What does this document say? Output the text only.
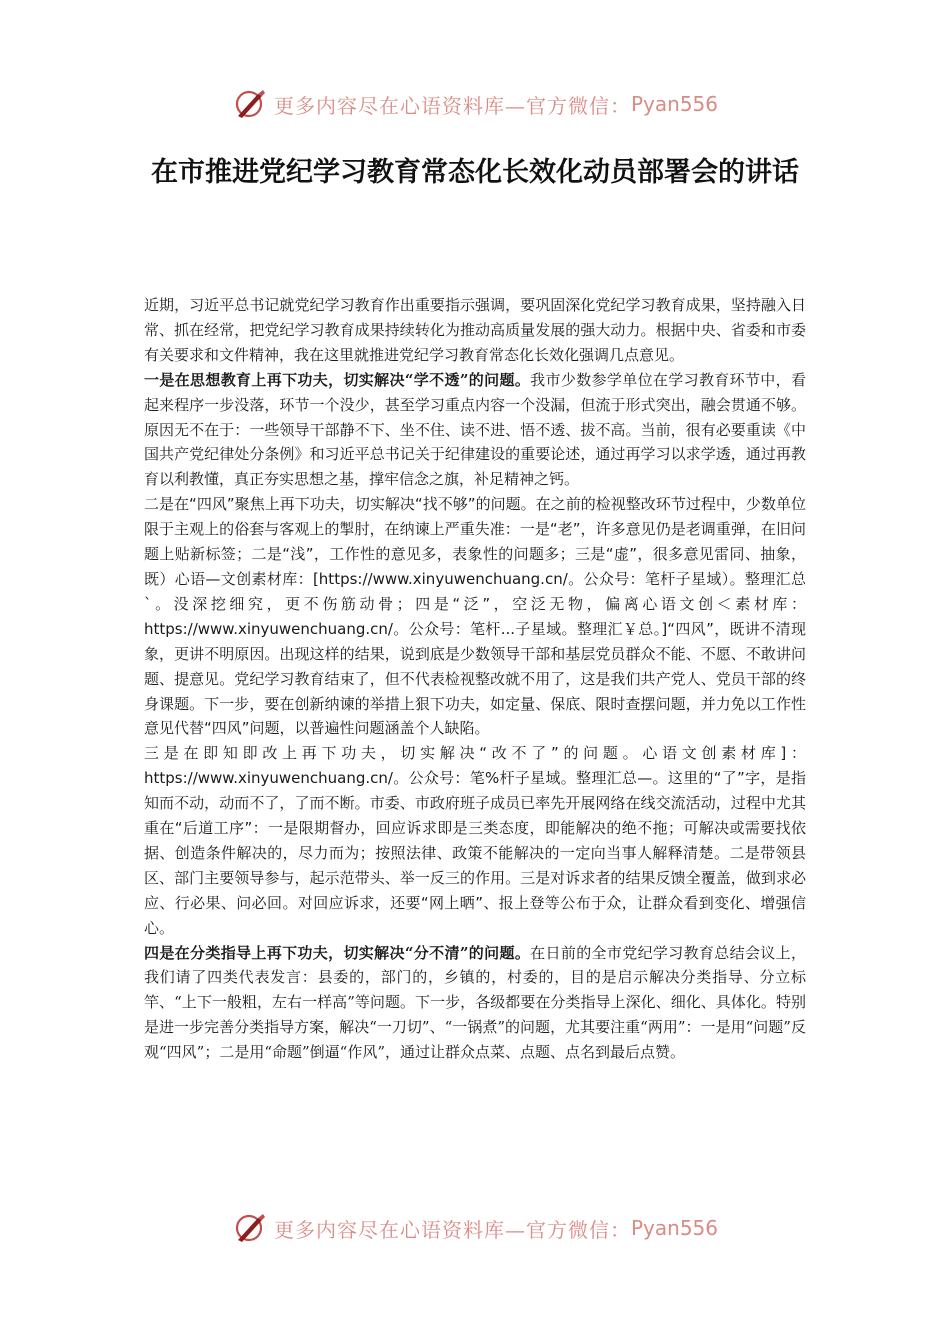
更多内容尽在心语资料库—官方微信： Pyan556
在市推进党纪学习教育常态化长效化动员部署会的讲话

近期，习近平总书记就党纪学习教育作出重要指示强调，要巩固深化党纪学习教育成果，坚持融入日常、抓在经常，把党纪学习教育成果持续转化为推动高质量发展的强大动力。根据中央、省委和市委有关要求和文件精神，我在这里就推进党纪学习教育常态化长效化强调几点意见。

一是在思想教育上再下功夫，切实解决“学不透”的问题。我市少数参学单位在学习教育环节中，看起来程序一步没落，环节一个没少，甚至学习重点内容一个没漏，但流于形式突出，融会贯通不够。原因无不在于：一些领导干部静不下、坐不住、读不进、悟不透、拔不高。当前，很有必要重读《中国共产党纪律处分条例》和习近平总书记关于纪律建设的重要论述，通过再学习以求学透，通过再教育以利教懂，真正夯实思想之基，撑牢信念之旗，补足精神之钙。

二是在“四风”聚焦上再下功夫，切实解决“找不够”的问题。在之前的检视整改环节过程中，少数单位限于主观上的俗套与客观上的掣肘，在纳谏上严重失准：一是“老”，许多意见仍是老调重弹，在旧问题上贴新标签；二是“浅”，工作性的意见多，表象性的问题多；三是“虚”，很多意见雷同、抽象，既）心语—文创素材库：[https://www.xinyuwenchuang.cn/。公众号：笔杆子星域）。整理汇总`。没深挖细究，更不伤筋动骨；四是“泛”，空泛无物，偏离心语文创＜素材库：https://www.xinyuwenchuang.cn/。公众号：笔杆...子星域。整理汇￥总。]“四风”，既讲不清现象，更讲不明原因。出现这样的结果，说到底是少数领导干部和基层党员群众不能、不愿、不敢讲问题、提意见。党纪学习教育结束了，但不代表检视整改就不用了，这是我们共产党人、党员干部的终身课题。下一步，要在创新纳谏的举措上狠下功夫，如定量、保底、限时查摆问题，并力免以工作性意见代替“四风”问题，以普遍性问题涵盖个人缺陷。

三是在即知即改上再下功夫，切实解决“改不了”的问题。心语文创素材库]：https://www.xinyuwenchuang.cn/。公众号：笔%杆子星域。整理汇总—。这里的“了”字，是指知而不动，动而不了，了而不断。市委、市政府班子成员已率先开展网络在线交流活动，过程中尤其重在“后道工序”：一是限期督办，回应诉求即是三类态度，即能解决的绝不拖；可解决或需要找依据、创造条件解决的，尽力而为；按照法律、政策不能解决的一定向当事人解释清楚。二是带领县区、部门主要领导参与，起示范带头、举一反三的作用。三是对诉求者的结果反馈全覆盖，做到求必应、行必果、问必回。对回应诉求，还要“网上晒”、报上登等公布于众，让群众看到变化、增强信心。

四是在分类指导上再下功夫，切实解决“分不清”的问题。在日前的全市党纪学习教育总结会议上，我们请了四类代表发言：县委的，部门的，乡镇的，村委的，目的是启示解决分类指导、分立标竿、“上下一般粗，左右一样高”等问题。下一步，各级都要在分类指导上深化、细化、具体化。特别是进一步完善分类指导方案，解决“一刀切”、“一锅煮”的问题，尤其要注重“两用”：一是用“问题”反观“四风”；二是用“命题”倒逼“作风”，通过让群众点菜、点题、点名到最后点赞。

更多内容尽在心语资料库—官方微信： Pyan556
